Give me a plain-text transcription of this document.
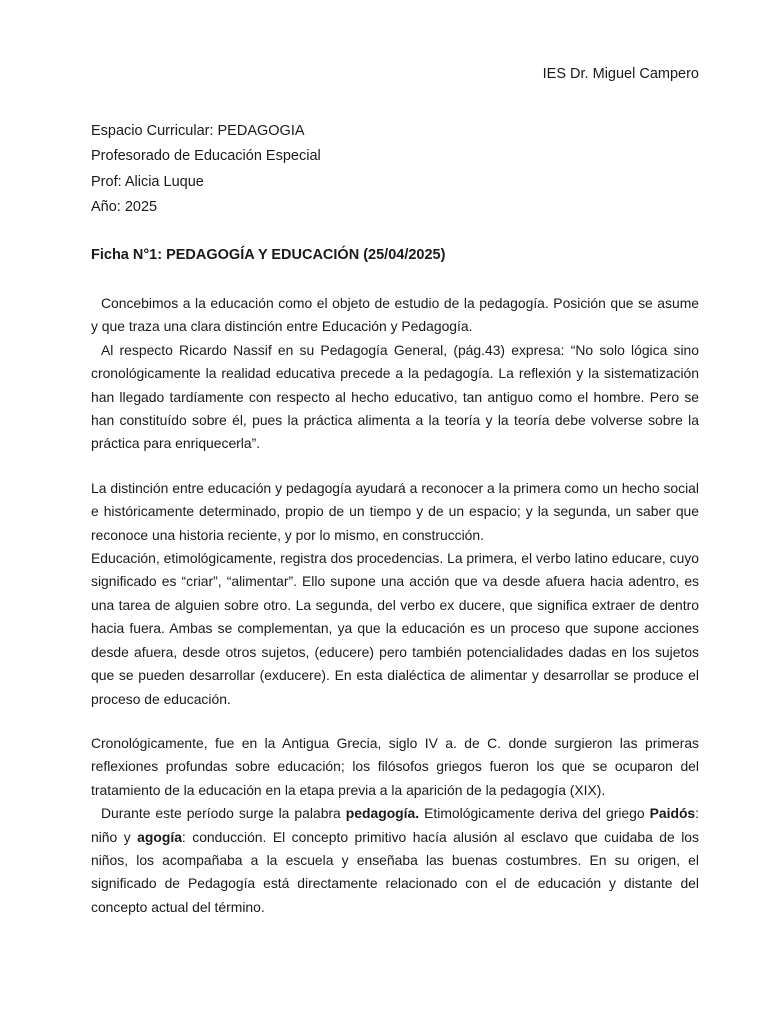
IES Dr. Miguel Campero
Espacio Curricular: PEDAGOGIA
Profesorado de Educación Especial
Prof: Alicia Luque
Año: 2025
Ficha N°1: PEDAGOGÍA Y EDUCACIÓN (25/04/2025)

Concebimos a la educación como el objeto de estudio de la pedagogía. Posición que se asume y que traza una clara distinción entre Educación y Pedagogía.

Al respecto Ricardo Nassif en su Pedagogía General, (pág.43) expresa: “No solo lógica sino cronológicamente la realidad educativa precede a la pedagogía. La reflexión y la sistematización han llegado tardíamente con respecto al hecho educativo, tan antiguo como el hombre. Pero se han constituído sobre él, pues la práctica alimenta a la teoría y la teoría debe volverse sobre la práctica para enriquecerla”.

La distinción entre educación y pedagogía ayudará a reconocer a la primera como un hecho social e históricamente determinado, propio de un tiempo y de un espacio; y la segunda, un saber que reconoce una historia reciente, y por lo mismo, en construcción.

Educación, etimológicamente, registra dos procedencias. La primera, el verbo latino educare, cuyo significado es “criar”, “alimentar”. Ello supone una acción que va desde afuera hacia adentro, es una tarea de alguien sobre otro. La segunda, del verbo ex ducere, que significa extraer de dentro hacia fuera. Ambas se complementan, ya que la educación es un proceso que supone acciones desde afuera, desde otros sujetos, (educere) pero también potencialidades dadas en los sujetos que se pueden desarrollar (exducere). En esta dialéctica de alimentar y desarrollar se produce el proceso de educación.

Cronológicamente, fue en la Antigua Grecia, siglo IV a. de C. donde surgieron las primeras reflexiones profundas sobre educación; los filósofos griegos fueron los que se ocuparon del tratamiento de la educación en la etapa previa a la aparición de la pedagogía (XIX).

Durante este período surge la palabra pedagogía. Etimológicamente deriva del griego Paidós: niño y agogía: conducción. El concepto primitivo hacía alusión al esclavo que cuidaba de los niños, los acompañaba a la escuela y enseñaba las buenas costumbres. En su origen, el significado de Pedagogía está directamente relacionado con el de educación y distante del concepto actual del término.
